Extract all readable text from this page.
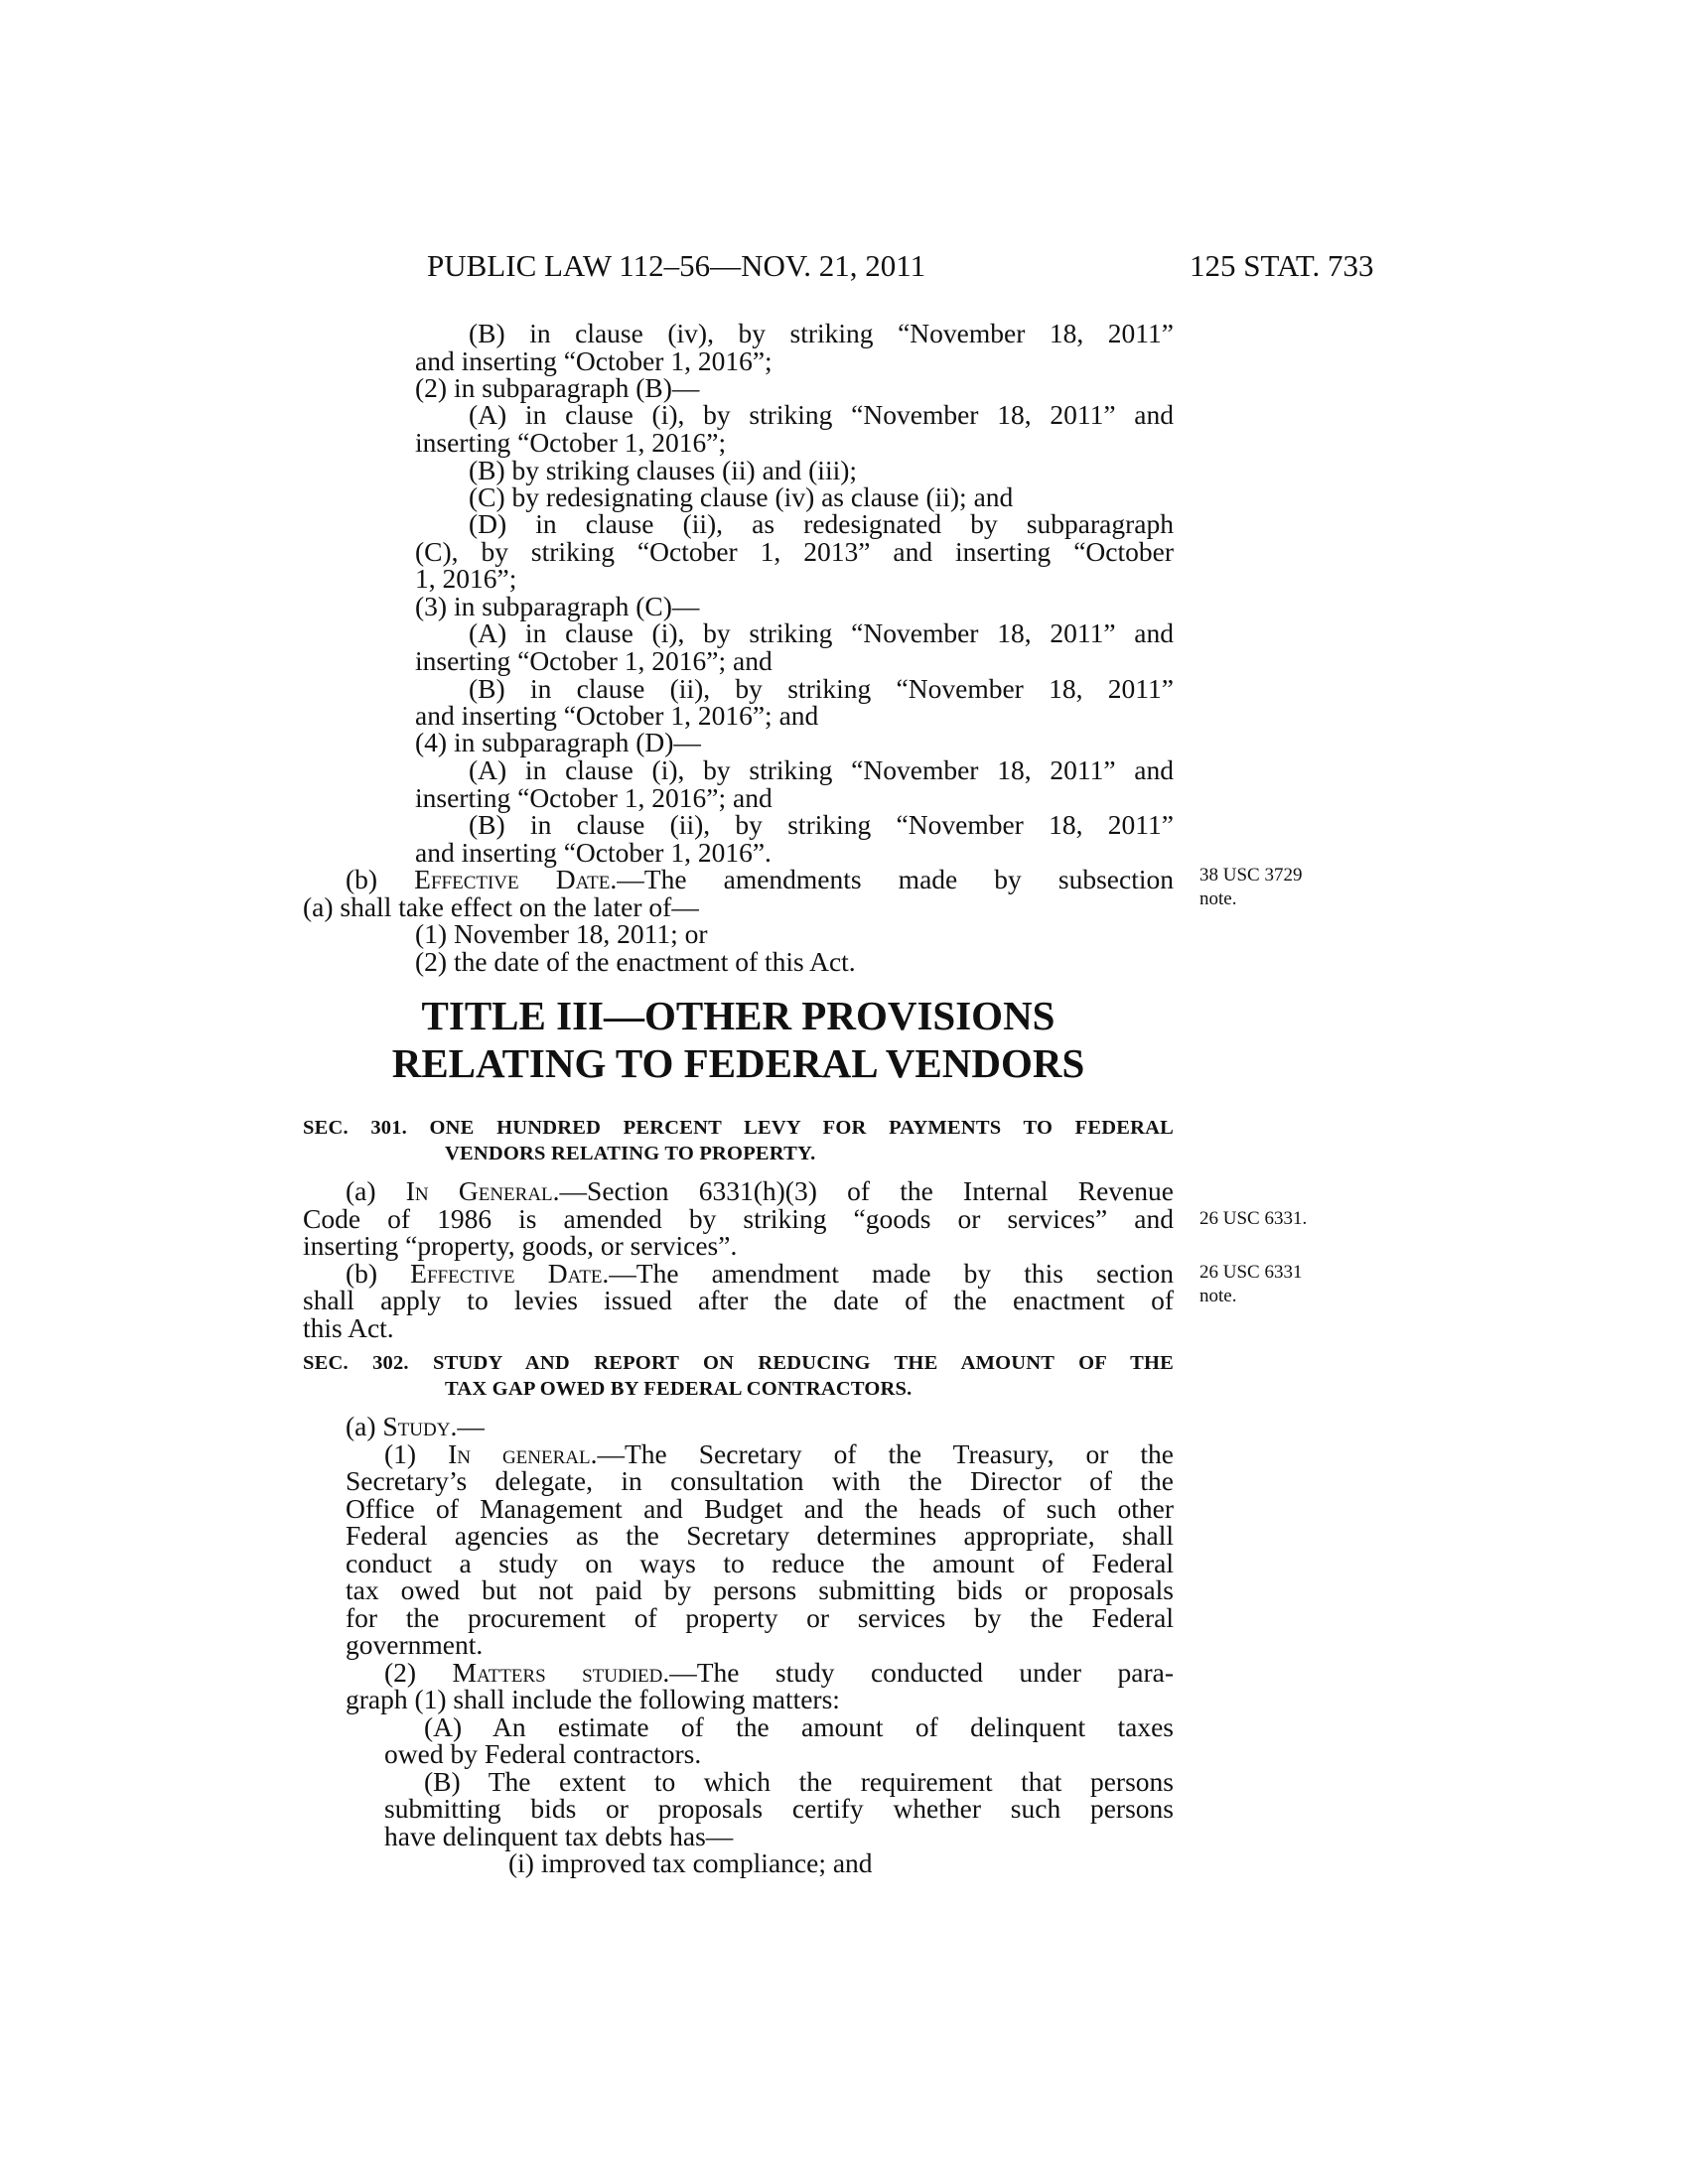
PUBLIC LAW 112–56—NOV. 21, 2011	125 STAT. 733
(B) in clause (iv), by striking “November 18, 2011”
and inserting “October 1, 2016”;
(2) in subparagraph (B)—
(A) in clause (i), by striking “November 18, 2011” and
inserting “October 1, 2016”;
(B) by striking clauses (ii) and (iii);
(C) by redesignating clause (iv) as clause (ii); and
(D) in clause (ii), as redesignated by subparagraph
(C), by striking “October 1, 2013” and inserting “October
1, 2016”;
(3) in subparagraph (C)—
(A) in clause (i), by striking “November 18, 2011” and
inserting “October 1, 2016”; and
(B) in clause (ii), by striking “November 18, 2011”
and inserting “October 1, 2016”; and
(4) in subparagraph (D)—
(A) in clause (i), by striking “November 18, 2011” and
inserting “October 1, 2016”; and
(B) in clause (ii), by striking “November 18, 2011”
and inserting “October 1, 2016”.
(b) Effective Date.—The amendments made by subsection
(a) shall take effect on the later of—
(1) November 18, 2011; or
(2) the date of the enactment of this Act.
38 USC 3729
note.
TITLE III—OTHER PROVISIONS
RELATING TO FEDERAL VENDORS
SEC. 301. ONE HUNDRED PERCENT LEVY FOR PAYMENTS TO FEDERAL
VENDORS RELATING TO PROPERTY.
(a) In General.—Section 6331(h)(3) of the Internal Revenue
Code of 1986 is amended by striking “goods or services” and
inserting “property, goods, or services”.
(b) Effective Date.—The amendment made by this section
shall apply to levies issued after the date of the enactment of
this Act.
26 USC 6331.
26 USC 6331
note.
SEC. 302. STUDY AND REPORT ON REDUCING THE AMOUNT OF THE
TAX GAP OWED BY FEDERAL CONTRACTORS.
(a) Study.—
(1) In general.—The Secretary of the Treasury, or the
Secretary’s delegate, in consultation with the Director of the
Office of Management and Budget and the heads of such other
Federal agencies as the Secretary determines appropriate, shall
conduct a study on ways to reduce the amount of Federal
tax owed but not paid by persons submitting bids or proposals
for the procurement of property or services by the Federal
government.
(2) Matters studied.—The study conducted under para-
graph (1) shall include the following matters:
(A) An estimate of the amount of delinquent taxes
owed by Federal contractors.
(B) The extent to which the requirement that persons
submitting bids or proposals certify whether such persons
have delinquent tax debts has—
(i) improved tax compliance; and
